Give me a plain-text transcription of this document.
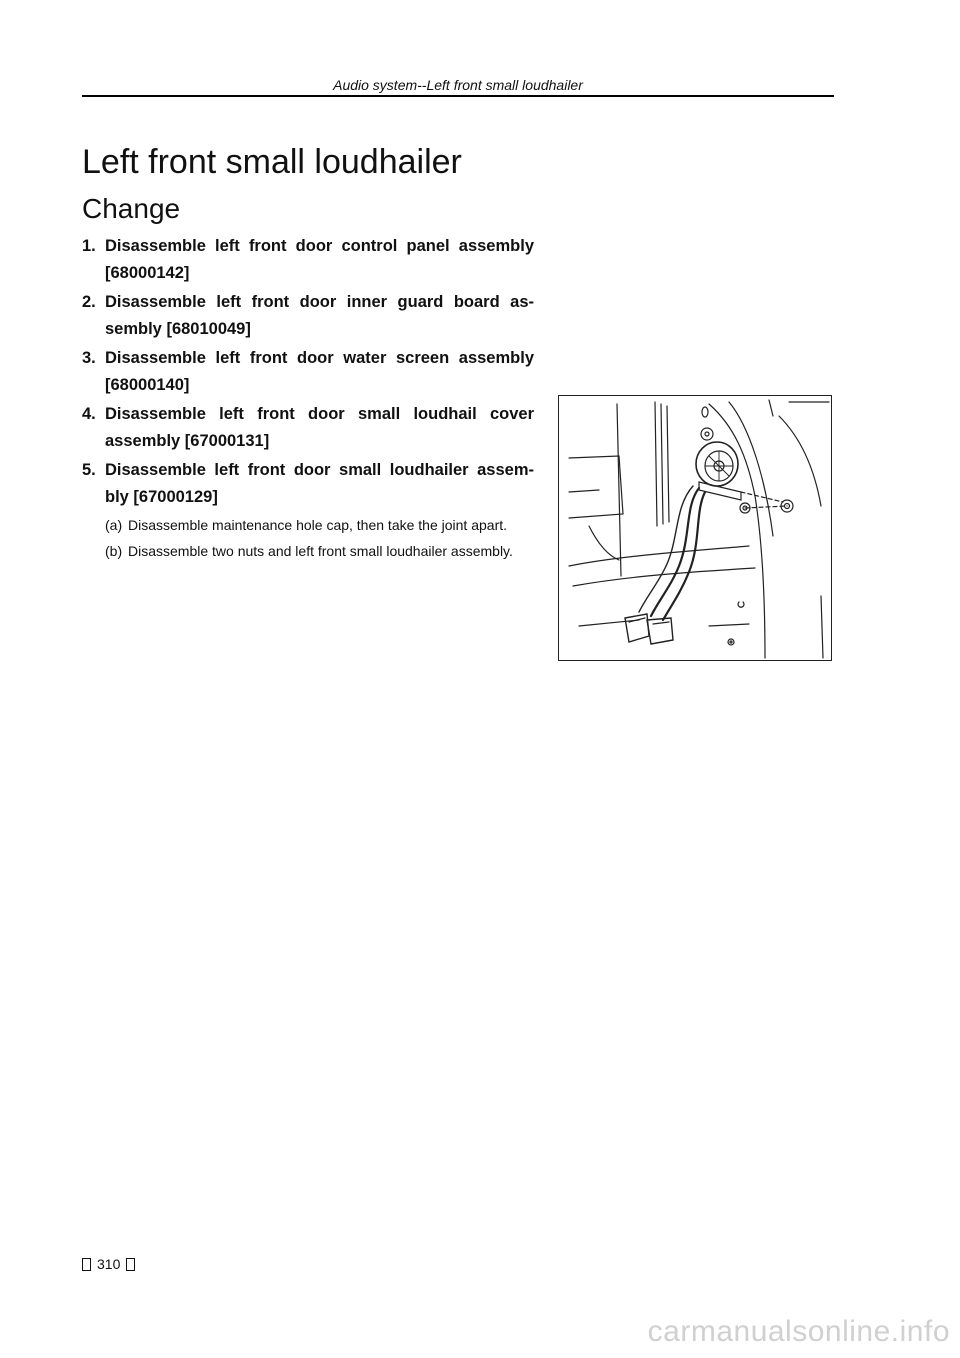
Audio system--Left front small loudhailer
Left front small loudhailer
Change
1. Disassemble left front door control panel assembly [68000142]
2. Disassemble left front door inner guard board as-sembly [68010049]
3. Disassemble left front door water screen assembly [68000140]
4. Disassemble left front door small loudhail cover assembly [67000131]
5. Disassemble left front door small loudhailer assem-bly [67000129]
(a) Disassemble maintenance hole cap, then take the joint apart.
(b) Disassemble two nuts and left front small loudhailer assembly.
310
carmanualsonline.info
